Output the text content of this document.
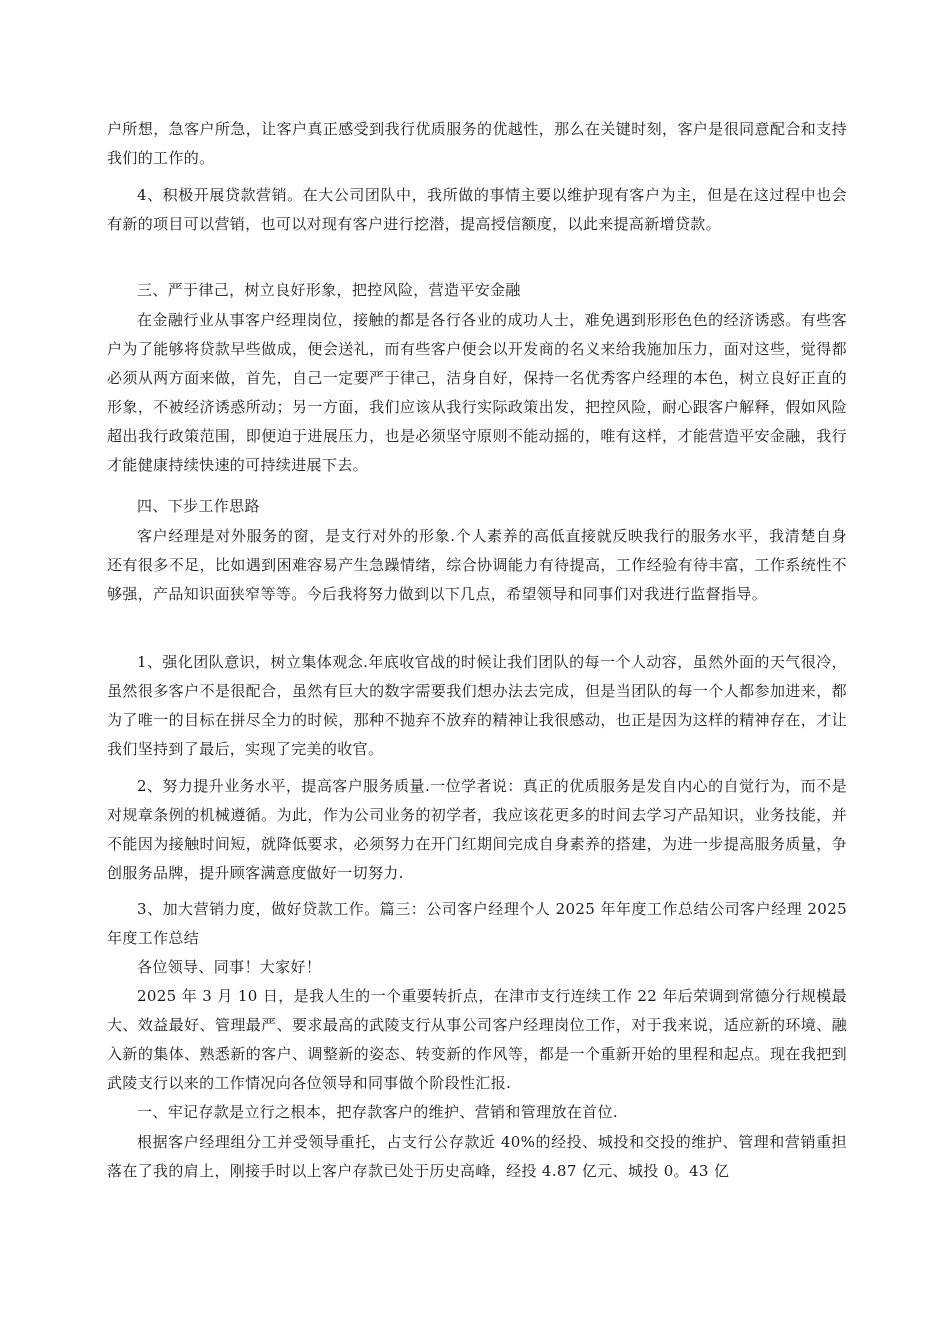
户所想，急客户所急，让客户真正感受到我行优质服务的优越性，那么在关键时刻，客户是很同意配合和支持我们的工作的。

4、积极开展贷款营销。在大公司团队中，我所做的事情主要以维护现有客户为主，但是在这过程中也会有新的项目可以营销，也可以对现有客户进行挖潜，提高授信额度，以此来提高新增贷款。

三、严于律己，树立良好形象，把控风险，营造平安金融

在金融行业从事客户经理岗位，接触的都是各行各业的成功人士，难免遇到形形色色的经济诱惑。有些客户为了能够将贷款早些做成，便会送礼，而有些客户便会以开发商的名义来给我施加压力，面对这些，觉得都必须从两方面来做，首先，自己一定要严于律己，洁身自好，保持一名优秀客户经理的本色，树立良好正直的形象，不被经济诱惑所动；另一方面，我们应该从我行实际政策出发，把控风险，耐心跟客户解释，假如风险超出我行政策范围，即便迫于进展压力，也是必须坚守原则不能动摇的，唯有这样，才能营造平安金融，我行才能健康持续快速的可持续进展下去。

四、下步工作思路

客户经理是对外服务的窗，是支行对外的形象.个人素养的高低直接就反映我行的服务水平，我清楚自身还有很多不足，比如遇到困难容易产生急躁情绪，综合协调能力有待提高，工作经验有待丰富，工作系统性不够强，产品知识面狭窄等等。今后我将努力做到以下几点，希望领导和同事们对我进行监督指导。

1、强化团队意识，树立集体观念.年底收官战的时候让我们团队的每一个人动容，虽然外面的天气很冷，虽然很多客户不是很配合，虽然有巨大的数字需要我们想办法去完成，但是当团队的每一个人都参加进来，都为了唯一的目标在拼尽全力的时候，那种不抛弃不放弃的精神让我很感动，也正是因为这样的精神存在，才让我们坚持到了最后，实现了完美的收官。

2、努力提升业务水平，提高客户服务质量.一位学者说：真正的优质服务是发自内心的自觉行为，而不是对规章条例的机械遵循。为此，作为公司业务的初学者，我应该花更多的时间去学习产品知识，业务技能，并不能因为接触时间短，就降低要求，必须努力在开门红期间完成自身素养的搭建，为进一步提高服务质量，争创服务品牌，提升顾客满意度做好一切努力.

3、加大营销力度，做好贷款工作。篇三：公司客户经理个人 2025 年年度工作总结公司客户经理 2025 年度工作总结

各位领导、同事！大家好！

2025 年 3 月 10 日，是我人生的一个重要转折点，在津市支行连续工作 22 年后荣调到常德分行规模最大、效益最好、管理最严、要求最高的武陵支行从事公司客户经理岗位工作，对于我来说，适应新的环境、融入新的集体、熟悉新的客户、调整新的姿态、转变新的作风等，都是一个重新开始的里程和起点。现在我把到武陵支行以来的工作情况向各位领导和同事做个阶段性汇报.

一、牢记存款是立行之根本，把存款客户的维护、营销和管理放在首位.

根据客户经理组分工并受领导重托，占支行公存款近 40%的经投、城投和交投的维护、管理和营销重担落在了我的肩上，刚接手时以上客户存款已处于历史高峰，经投 4.87 亿元、城投 0。43 亿
